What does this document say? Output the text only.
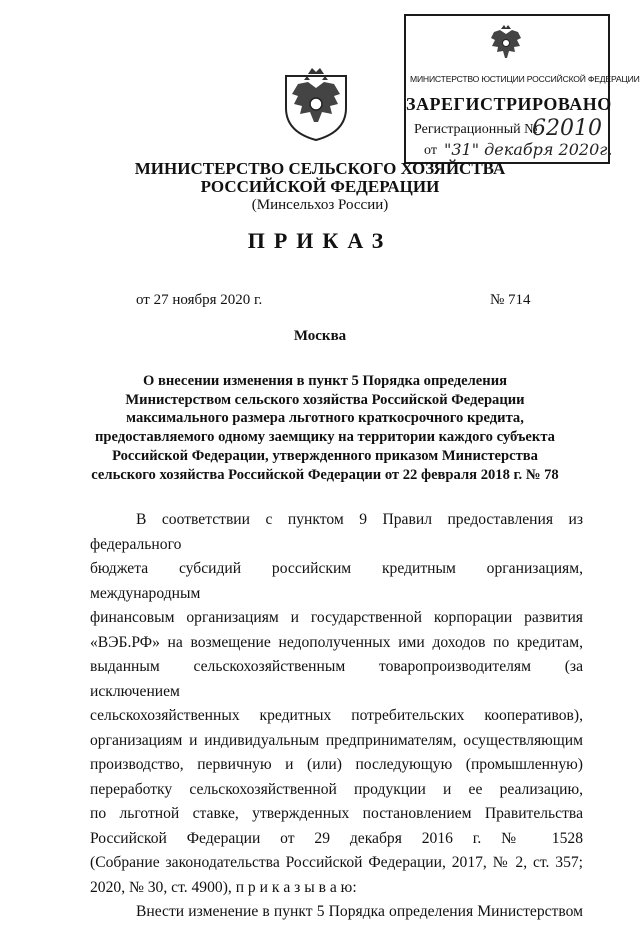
МИНИСТЕРСТВО ЮСТИЦИИ РОССИЙСКОЙ ФЕДЕРАЦИИ
ЗАРЕГИСТРИРОВАНО
Регистрационный №
62010
от "31" декабря 2020г.
МИНИСТЕРСТВО СЕЛЬСКОГО ХОЗЯЙСТВА
РОССИЙСКОЙ ФЕДЕРАЦИИ
(Минсельхоз России)
ПРИКАЗ
от 27 ноября 2020 г.	№ 714
Москва
О внесении изменения в пункт 5 Порядка определения
Министерством сельского хозяйства Российской Федерации
максимального размера льготного краткосрочного кредита,
предоставляемого одному заемщику на территории каждого субъекта
Российской Федерации, утвержденного приказом Министерства
сельского хозяйства Российской Федерации от 22 февраля 2018 г. № 78

В соответствии с пунктом 9 Правил предоставления из федерального

бюджета субсидий российским кредитным организациям, международным

финансовым организациям и государственной корпорации развития

«ВЭБ.РФ» на возмещение недополученных ими доходов по кредитам,

выданным сельскохозяйственным товаропроизводителям (за исключением

сельскохозяйственных кредитных потребительских кооперативов),

организациям и индивидуальным предпринимателям, осуществляющим

производство, первичную и (или) последующую (промышленную)

переработку сельскохозяйственной продукции и ее реализацию,

по льготной ставке, утвержденных постановлением Правительства

Российской Федерации от 29 декабря 2016 г. № 1528

(Собрание законодательства Российской Федерации, 2017, № 2, ст. 357;

2020, № 30, ст. 4900), п р и к а з ы в а ю:

Внести изменение в пункт 5 Порядка определения Министерством
